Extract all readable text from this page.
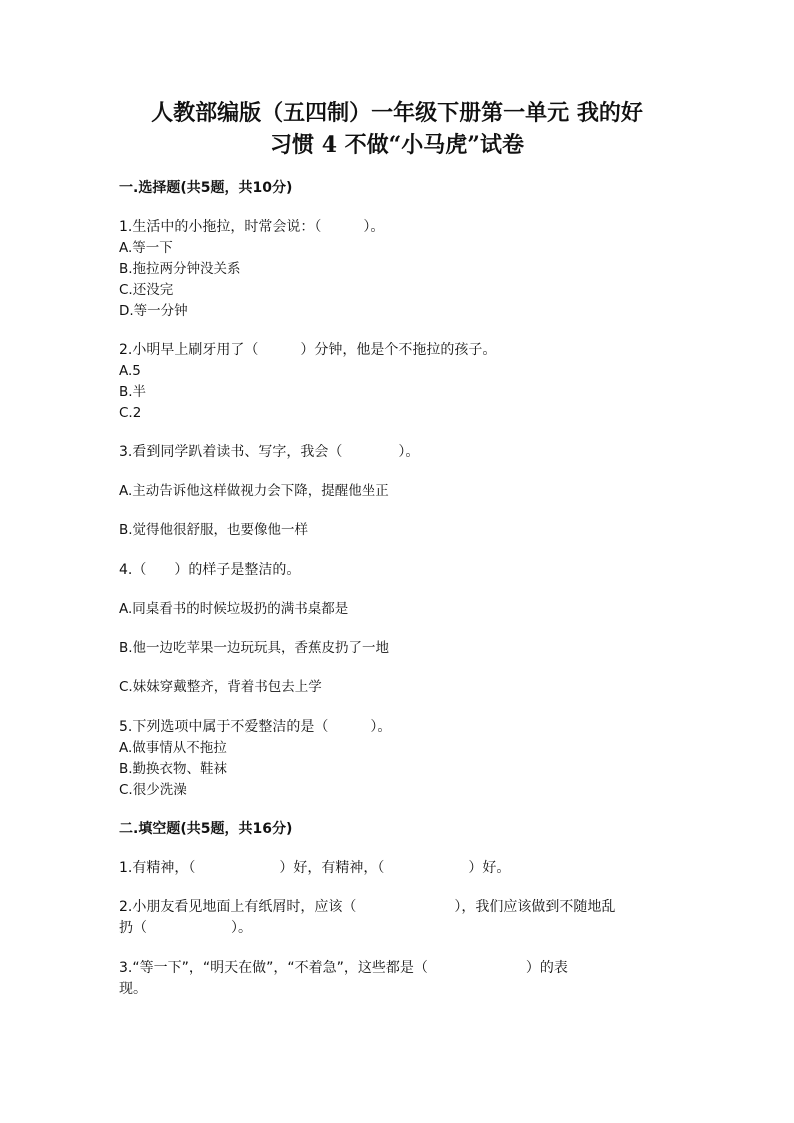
人教部编版（五四制）一年级下册第一单元 我的好
习惯 4 不做“小马虎”试卷
一.选择题(共5题，共10分)
1.生活中的小拖拉，时常会说：（　　　）。
A.等一下
B.拖拉两分钟没关系
C.还没完
D.等一分钟
2.小明早上刷牙用了（　　　）分钟，他是个不拖拉的孩子。
A.5
B.半
C.2
3.看到同学趴着读书、写字，我会（　　　　）。
A.主动告诉他这样做视力会下降，提醒他坐正
B.觉得他很舒服，也要像他一样
4.（　　）的样子是整洁的。
A.同桌看书的时候垃圾扔的满书桌都是
B.他一边吃苹果一边玩玩具，香蕉皮扔了一地
C.妹妹穿戴整齐，背着书包去上学
5.下列选项中属于不爱整洁的是（　　　）。
A.做事情从不拖拉
B.勤换衣物、鞋袜
C.很少洗澡
二.填空题(共5题，共16分)
1.有精神，（　　　　　　）好，有精神，（　　　　　　）好。
2.小朋友看见地面上有纸屑时，应该（　　　　　　　），我们应该做到不随地乱
扔（　　　　　　）。
3.“等一下”，“明天在做”，“不着急”，这些都是（　　　　　　　）的表
现。
